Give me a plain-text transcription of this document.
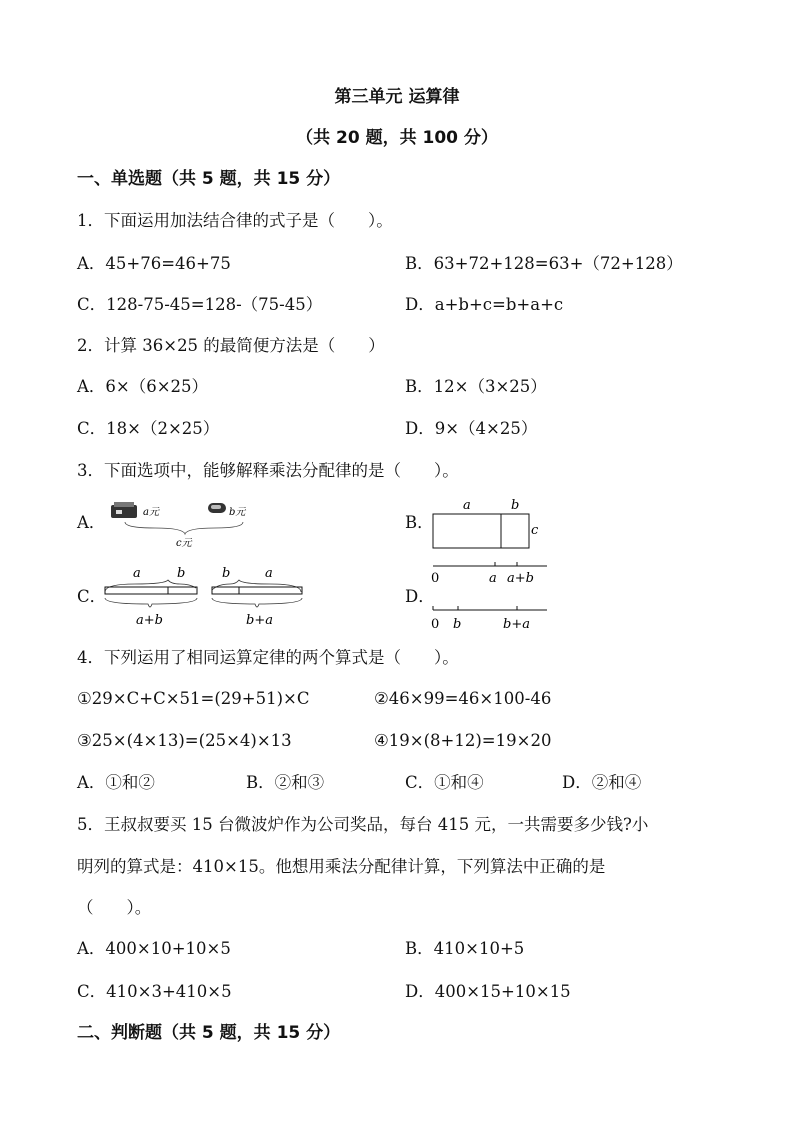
第三单元 运算律
（共 20 题，共 100 分）
一、单选题（共 5 题，共 15 分）
1．下面运用加法结合律的式子是（　　）。
A．45+76=46+75	B．63+72+128=63+（72+128）
C．128-75-45=128-（75-45）	D．a+b+c=b+a+c
2．计算 36×25 的最简便方法是（　　）
A．6×（6×25）	B．12×（3×25）
C．18×（2×25）	D．9×（4×25）
3．下面选项中，能够解释乘法分配律的是（　　）。
A．
a元	b元
c元
B．
a	b
c
0	a a+b
C．
a	b
a+b
b	a
b+a
D．
0 b	b+a
4．下列运用了相同运算定律的两个算式是（　　）。
①29×C+C×51=(29+51)×C	②46×99=46×100-46
③25×(4×13)=(25×4)×13	④19×(8+12)=19×20
A．①和②	B．②和③	C．①和④	D．②和④
5．王叔叔要买 15 台微波炉作为公司奖品，每台 415 元，一共需要多少钱?小
明列的算式是：410×15。他想用乘法分配律计算，下列算法中正确的是
（　　）。
A．400×10+10×5	B．410×10+5
C．410×3+410×5	D．400×15+10×15
二、判断题（共 5 题，共 15 分）
